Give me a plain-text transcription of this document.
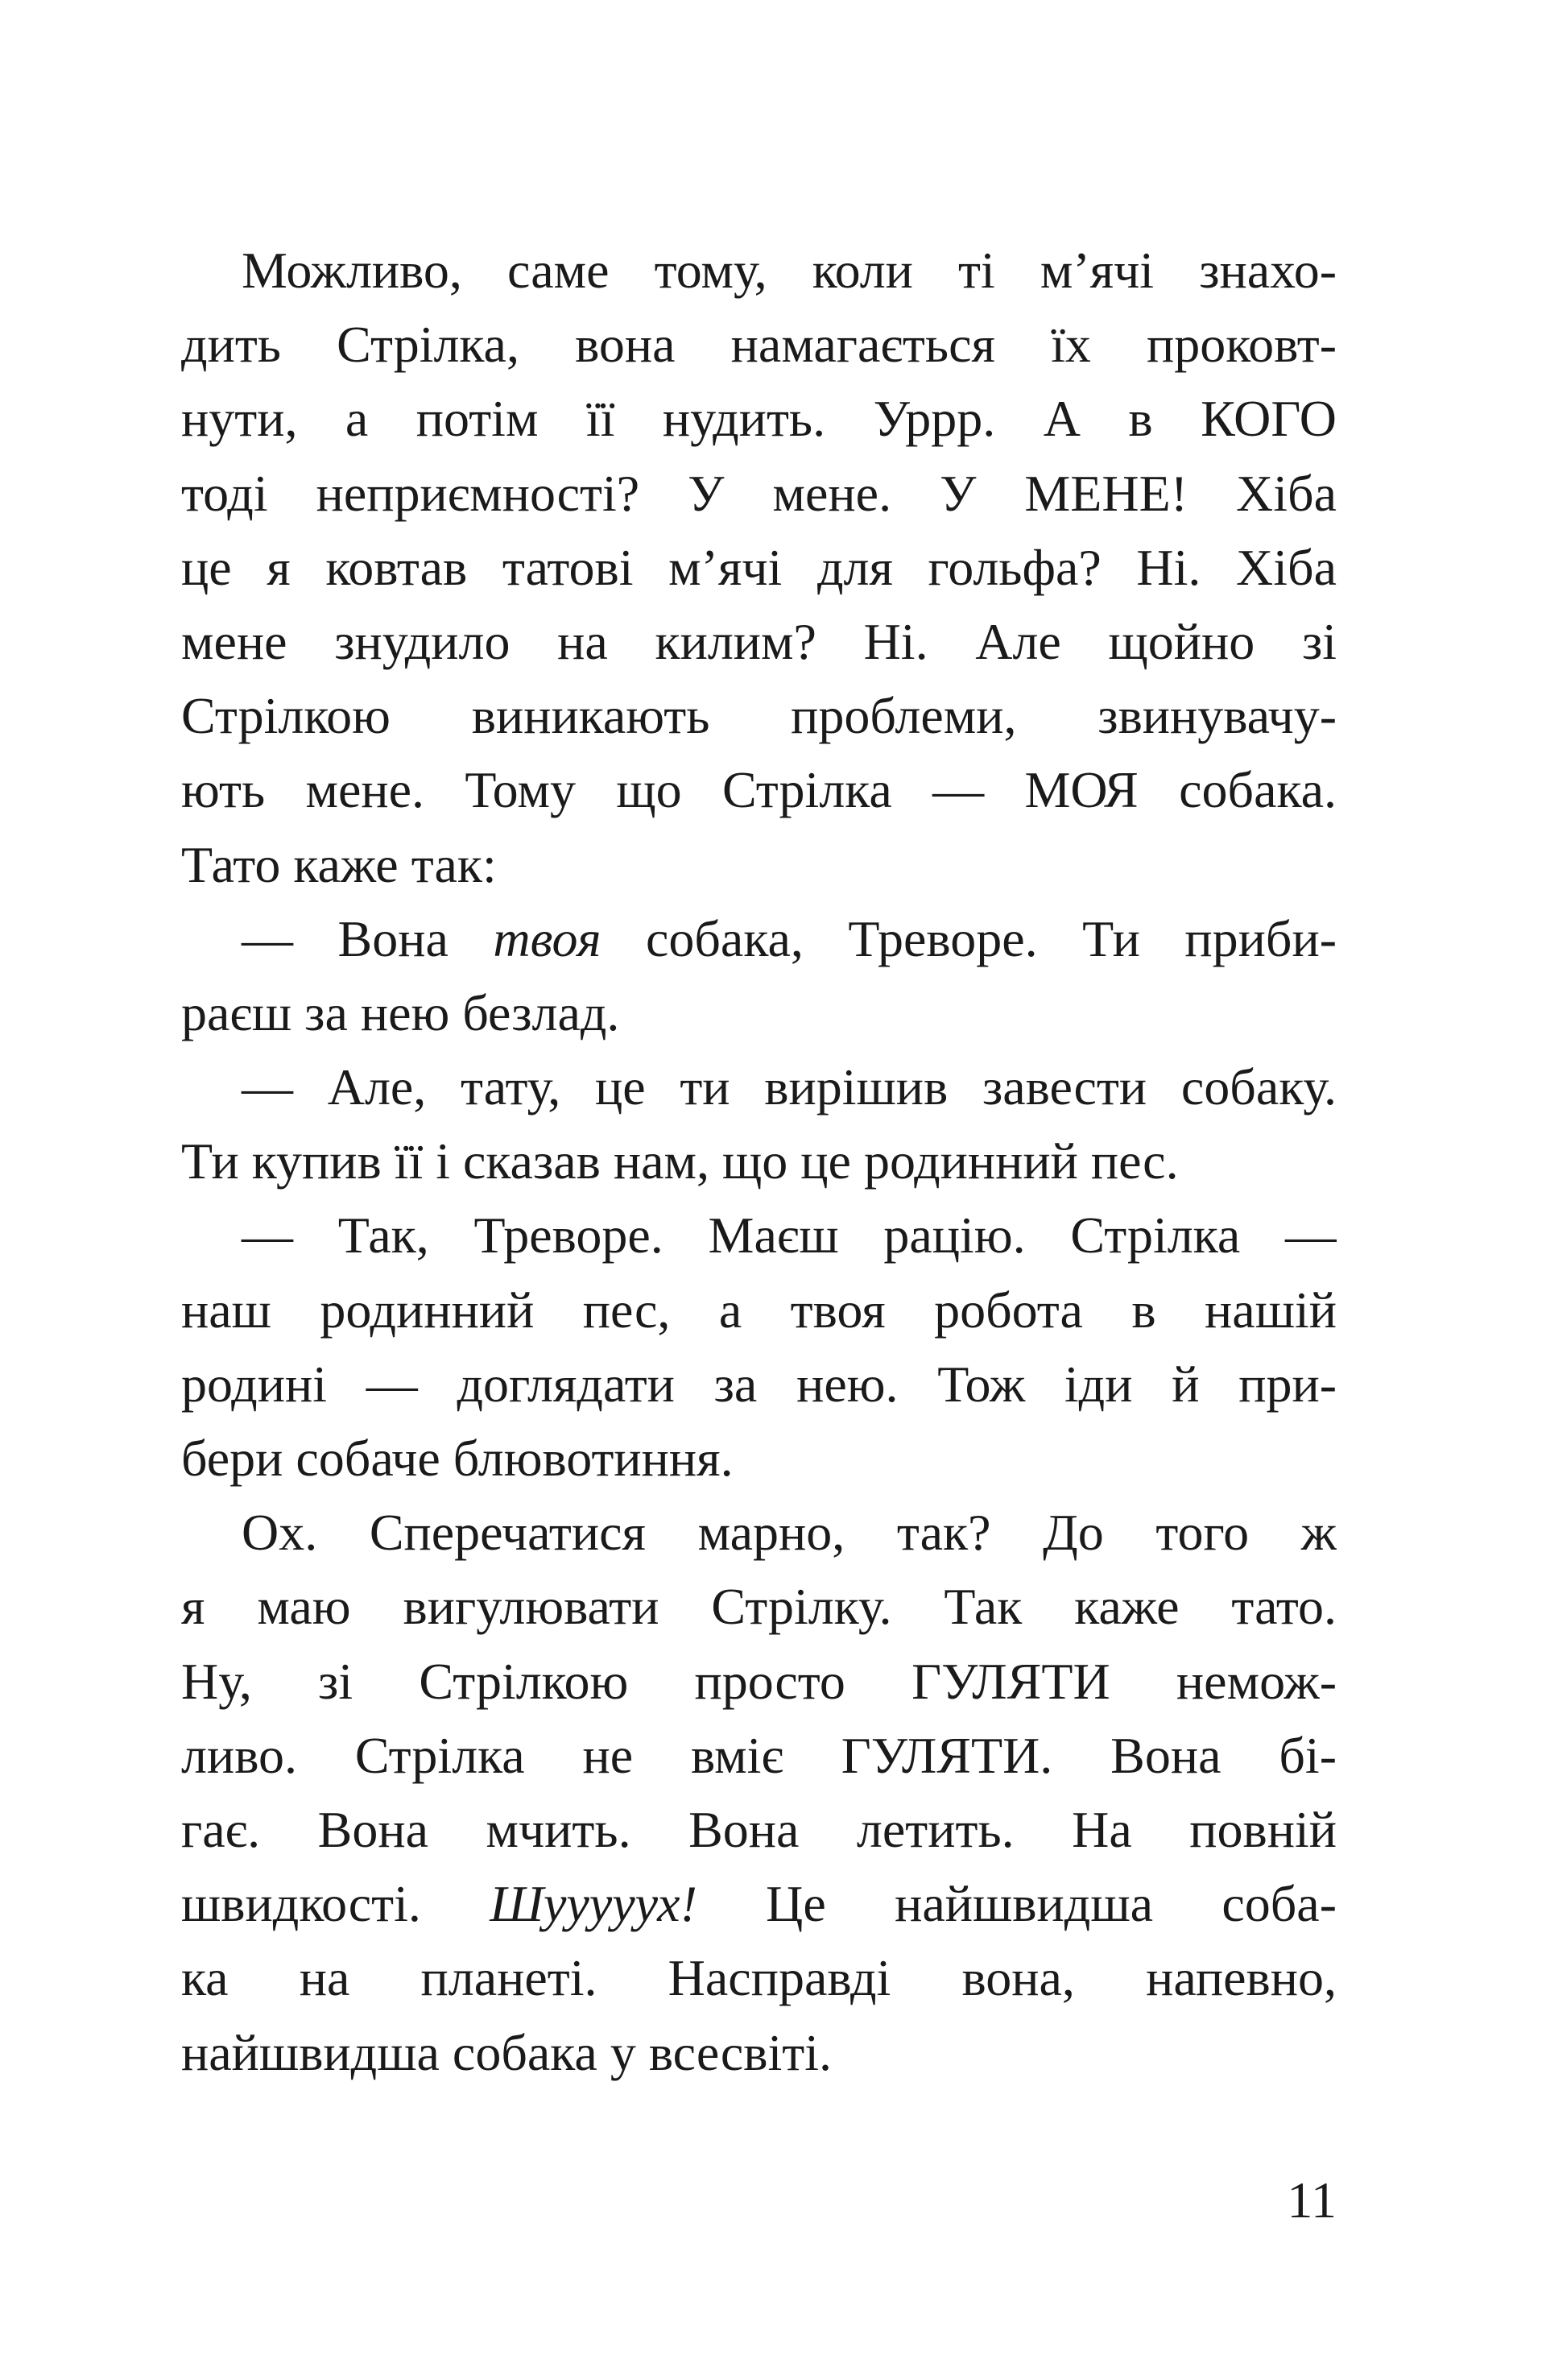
Можливо, саме тому, коли ті м’ячі знахо-
дить Стрілка, вона намагається їх проковт-
нути, а потім її нудить. Уррр. А в КОГО
тоді неприємності? У мене. У МЕНЕ! Хіба
це я ковтав татові м’ячі для гольфа? Ні. Хіба
мене знудило на килим? Ні. Але щойно зі
Стрілкою виникають проблеми, звинувачу-
ють мене. Тому що Стрілка — МОЯ собака.
Тато каже так:
— Вона твоя собака, Треворе. Ти приби-
раєш за нею безлад.
— Але, тату, це ти вирішив завести собаку.
Ти купив її і сказав нам, що це родинний пес.
— Так, Треворе. Маєш рацію. Стрілка —
наш родинний пес, а твоя робота в нашій
родині — доглядати за нею. Тож іди й при-
бери собаче блювотиння.
Ох. Сперечатися марно, так? До того ж
я маю вигулювати Стрілку. Так каже тато.
Ну, зі Стрілкою просто ГУЛЯТИ немож-
ливо. Стрілка не вміє ГУЛЯТИ. Вона бі-
гає. Вона мчить. Вона летить. На повній
швидкості. Шууууух! Це найшвидша соба-
ка на планеті. Насправді вона, напевно,
найшвидша собака у всесвіті.
11
